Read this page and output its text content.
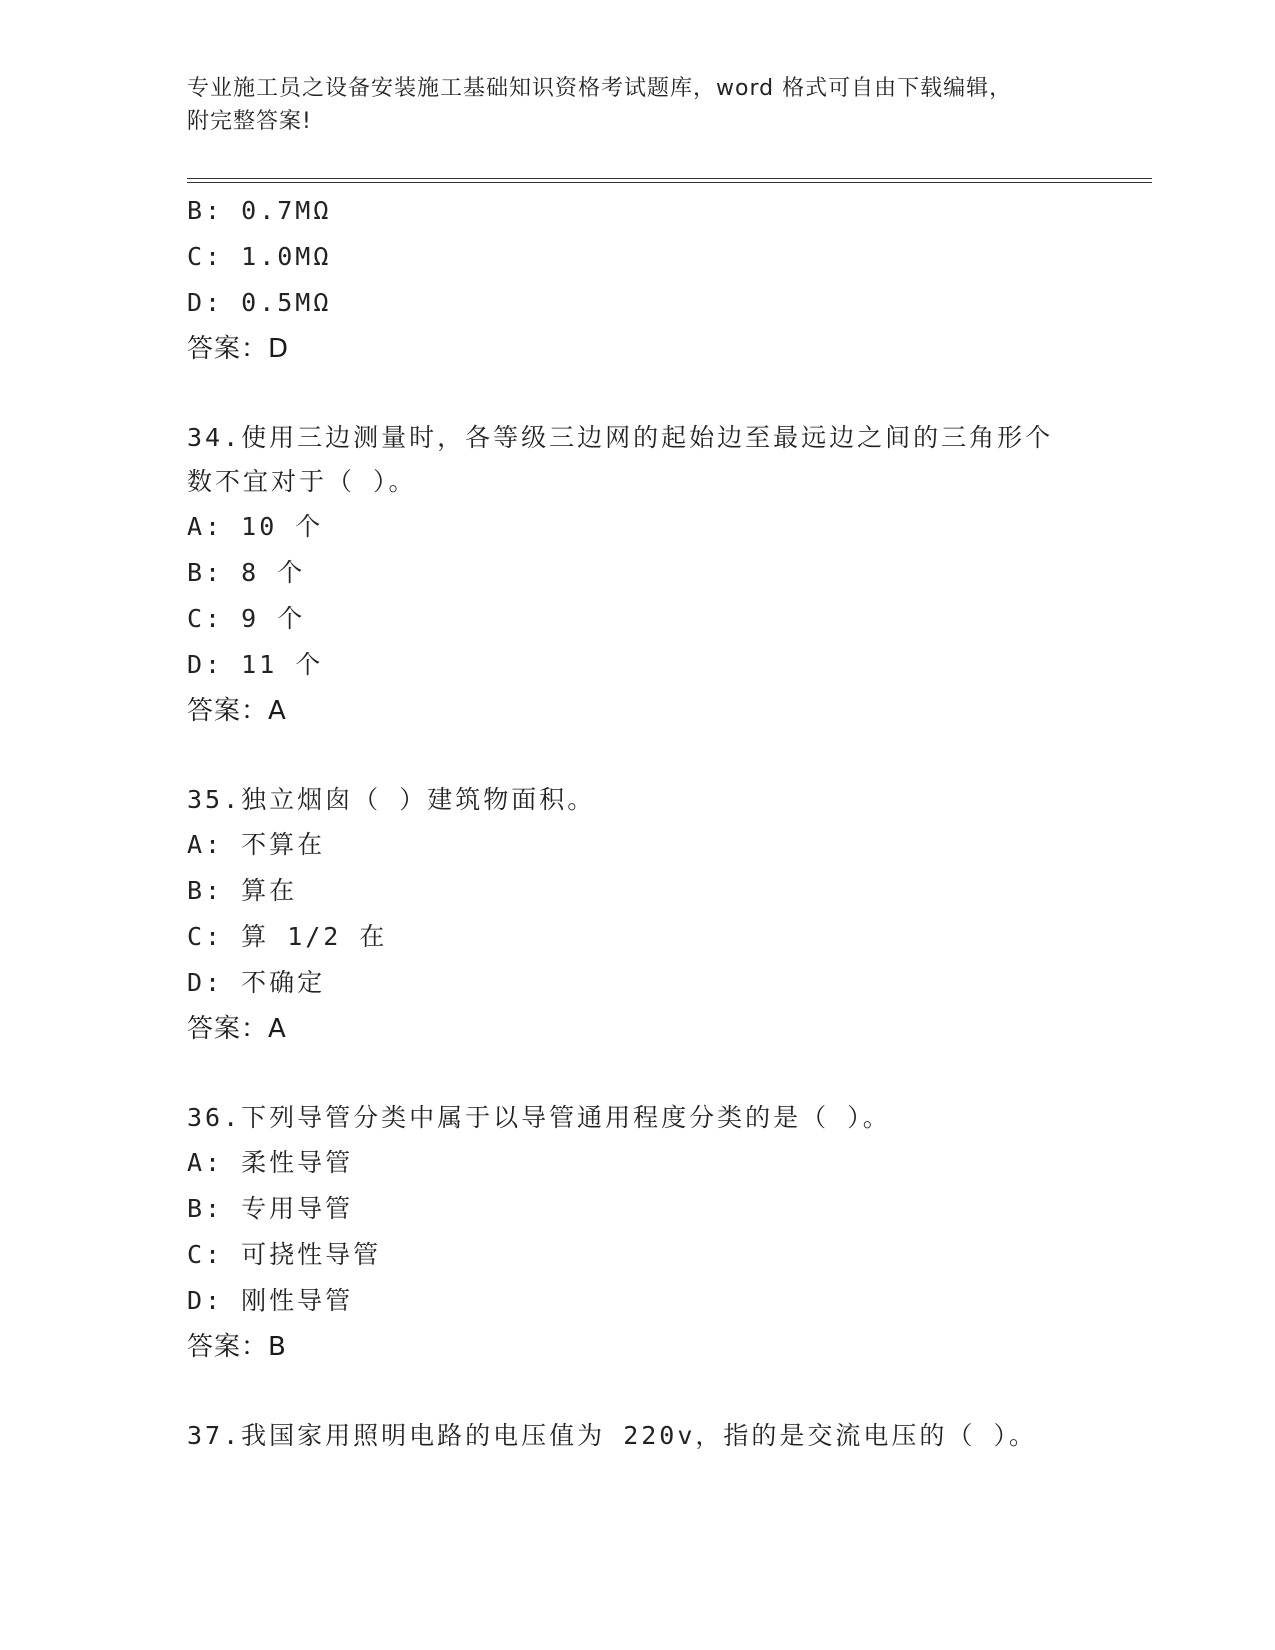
专业施工员之设备安装施工基础知识资格考试题库，word 格式可自由下载编辑，
附完整答案!
B: 0.7MΩ
C: 1.0MΩ
D: 0.5MΩ
答案：D
34.使用三边测量时，各等级三边网的起始边至最远边之间的三角形个
数不宜对于（ ）。
A: 10 个
B: 8 个
C: 9 个
D: 11 个
答案：A
35.独立烟囱（ ）建筑物面积。
A: 不算在
B: 算在
C: 算 1/2 在
D: 不确定
答案：A
36.下列导管分类中属于以导管通用程度分类的是（ ）。
A: 柔性导管
B: 专用导管
C: 可挠性导管
D: 刚性导管
答案：B
37.我国家用照明电路的电压值为 220v，指的是交流电压的（ ）。
